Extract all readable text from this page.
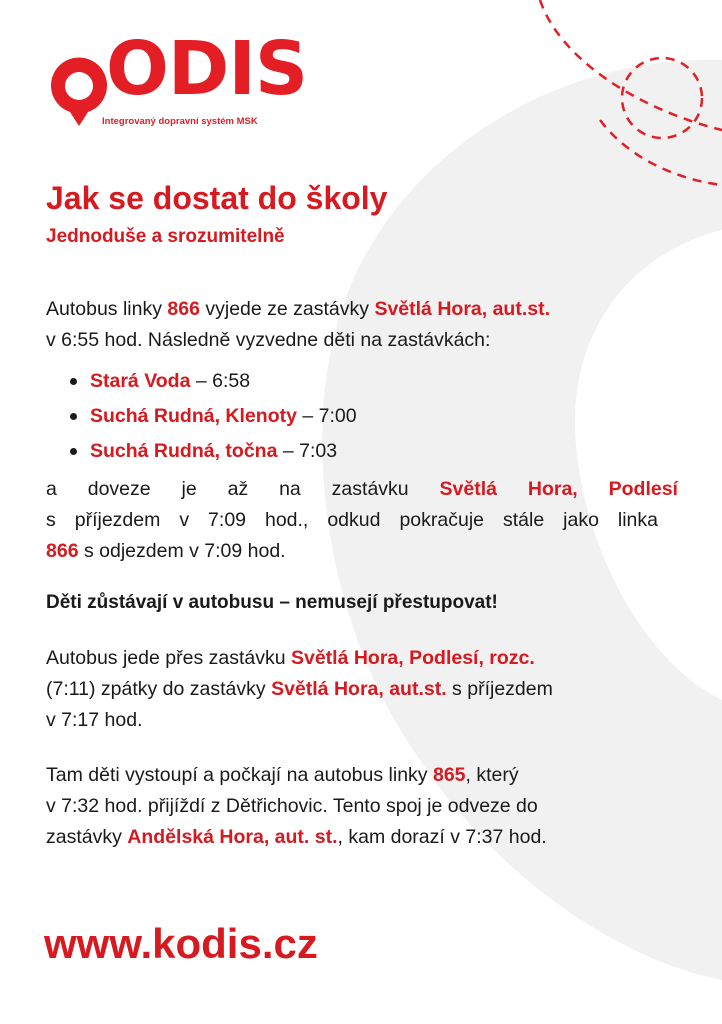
ODIS
Integrovaný dopravní systém MSK
Jak se dostat do školy
Jednoduše a srozumitelně

Autobus linky 866 vyjede ze zastávky Světlá Hora, aut.st.
v 6:55 hod. Následně vyzvedne děti na zastávkách:

Stará Voda – 6:58
Suchá Rudná, Klenoty – 7:00
Suchá Rudná, točna – 7:03
a doveze je až na zastávku Světlá Hora, Podlesí
s příjezdem v 7:09 hod., odkud pokračuje stále jako linka
866 s odjezdem v 7:09 hod.

Děti zůstávají v autobusu – nemusejí přestupovat!

Autobus jede přes zastávku Světlá Hora, Podlesí, rozc.
(7:11) zpátky do zastávky Světlá Hora, aut.st. s příjezdem
v 7:17 hod.

Tam děti vystoupí a počkají na autobus linky 865, který
v 7:32 hod. přijíždí z Dětřichovic. Tento spoj je odveze do
zastávky Andělská Hora, aut. st., kam dorazí v 7:37 hod.

www.kodis.cz
